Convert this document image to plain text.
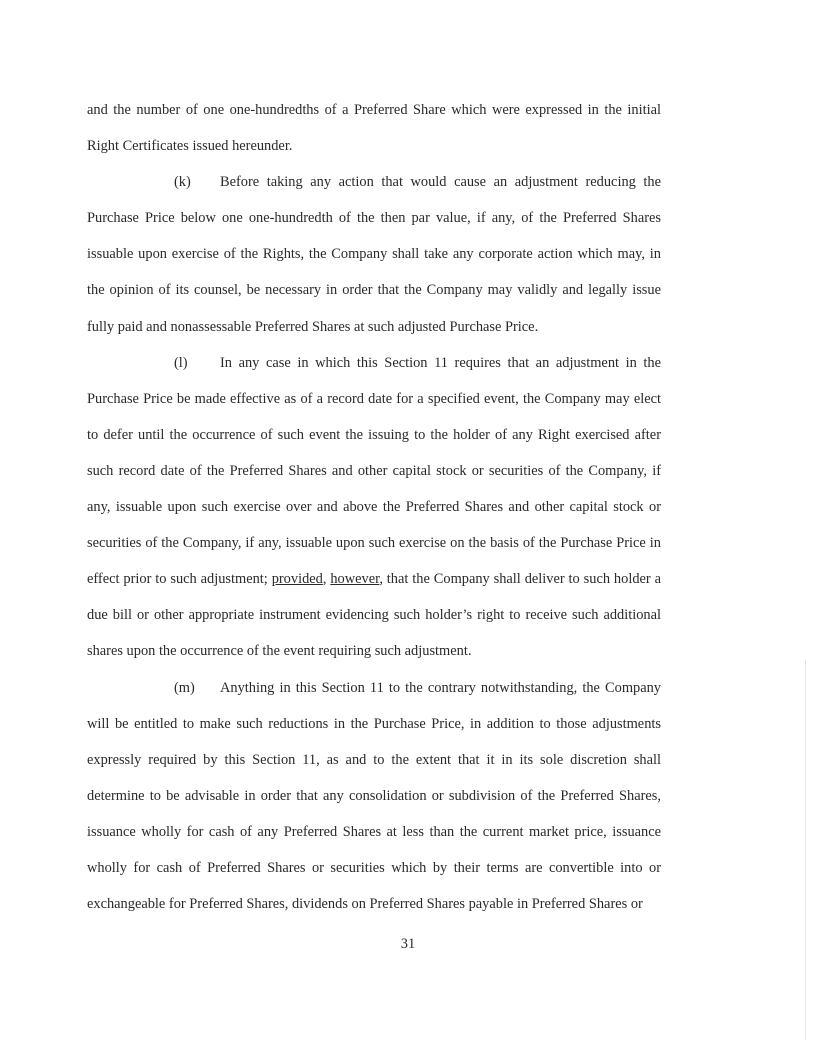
and the number of one one-hundredths of a Preferred Share which were expressed in the initial Right Certificates issued hereunder.

(k) Before taking any action that would cause an adjustment reducing the Purchase Price below one one-hundredth of the then par value, if any, of the Preferred Shares issuable upon exercise of the Rights, the Company shall take any corporate action which may, in the opinion of its counsel, be necessary in order that the Company may validly and legally issue fully paid and nonassessable Preferred Shares at such adjusted Purchase Price.

(l) In any case in which this Section 11 requires that an adjustment in the Purchase Price be made effective as of a record date for a specified event, the Company may elect to defer until the occurrence of such event the issuing to the holder of any Right exercised after such record date of the Preferred Shares and other capital stock or securities of the Company, if any, issuable upon such exercise over and above the Preferred Shares and other capital stock or securities of the Company, if any, issuable upon such exercise on the basis of the Purchase Price in effect prior to such adjustment; provided, however, that the Company shall deliver to such holder a due bill or other appropriate instrument evidencing such holder’s right to receive such additional shares upon the occurrence of the event requiring such adjustment.

(m) Anything in this Section 11 to the contrary notwithstanding, the Company will be entitled to make such reductions in the Purchase Price, in addition to those adjustments expressly required by this Section 11, as and to the extent that it in its sole discretion shall determine to be advisable in order that any consolidation or subdivision of the Preferred Shares, issuance wholly for cash of any Preferred Shares at less than the current market price, issuance wholly for cash of Preferred Shares or securities which by their terms are convertible into or exchangeable for Preferred Shares, dividends on Preferred Shares payable in Preferred Shares or

31
